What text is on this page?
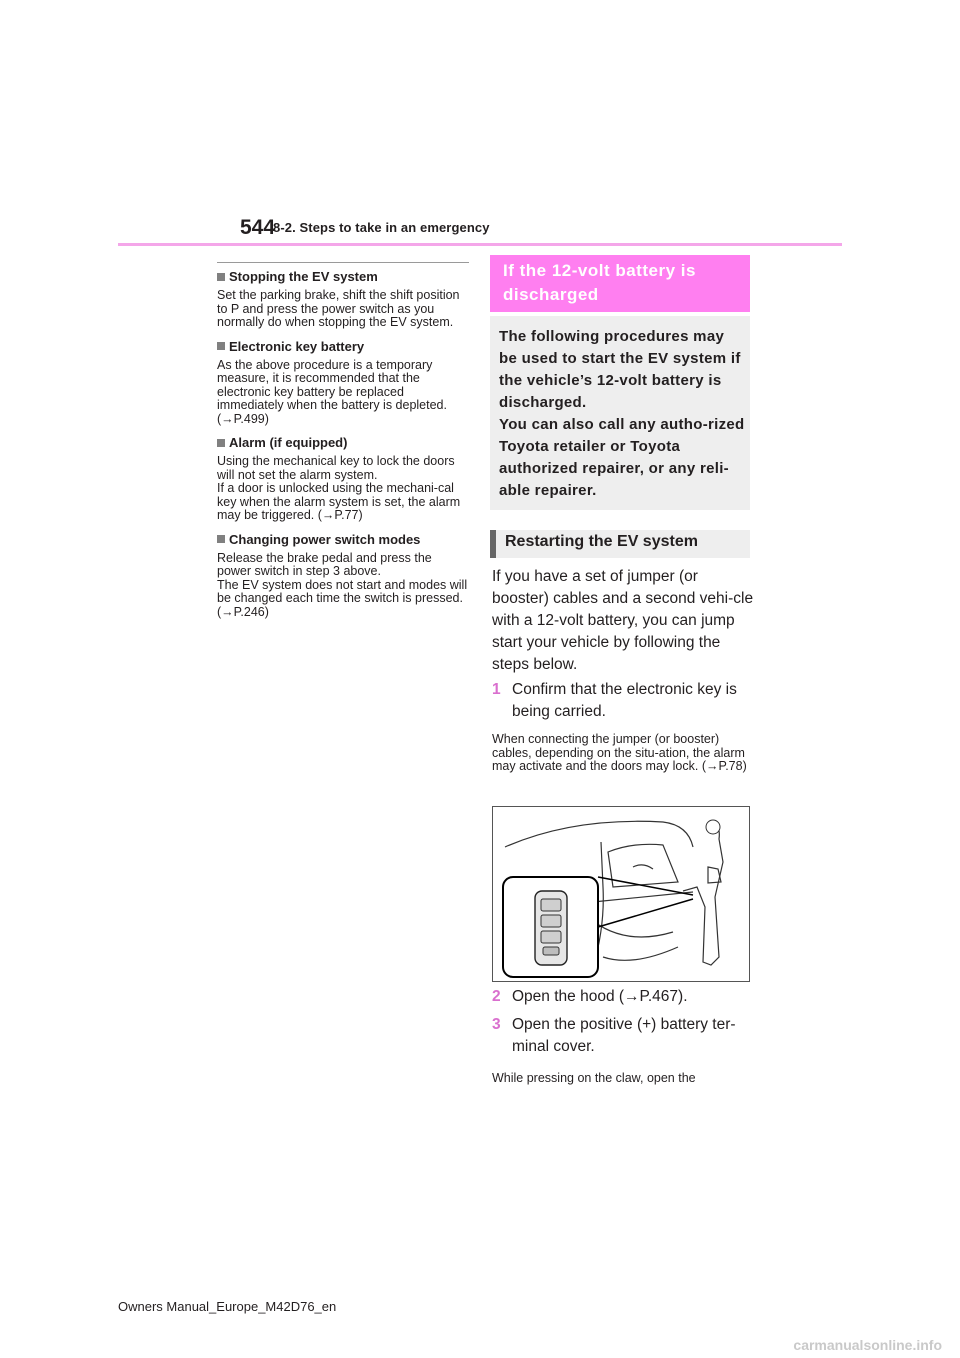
544
8-2. Steps to take in an emergency
Stopping the EV system

Set the parking brake, shift the shift position to P and press the power switch as you normally do when stopping the EV system.

Electronic key battery

As the above procedure is a temporary measure, it is recommended that the electronic key battery be replaced immediately when the battery is depleted. (→P.499)

Alarm (if equipped)

Using the mechanical key to lock the doors will not set the alarm system.
If a door is unlocked using the mechani-cal key when the alarm system is set, the alarm may be triggered. (→P.77)

Changing power switch modes

Release the brake pedal and press the power switch in step 3 above.
The EV system does not start and modes will be changed each time the switch is pressed. (→P.246)

If the 12-volt battery is discharged
The following procedures may be used to start the EV system if the vehicle’s 12-volt battery is discharged.
You can also call any autho-rized Toyota retailer or Toyota authorized repairer, or any reli-able repairer.
Restarting the EV system
If you have a set of jumper (or booster) cables and a second vehi-cle with a 12-volt battery, you can jump start your vehicle by following the steps below.
1 Confirm that the electronic key is being carried.
When connecting the jumper (or booster) cables, depending on the situ-ation, the alarm may activate and the doors may lock. (→P.78)
2 Open the hood (→P.467).
3 Open the positive (+) battery ter-minal cover.
While pressing on the claw, open the
Owners Manual_Europe_M42D76_en
carmanualsonline.info
